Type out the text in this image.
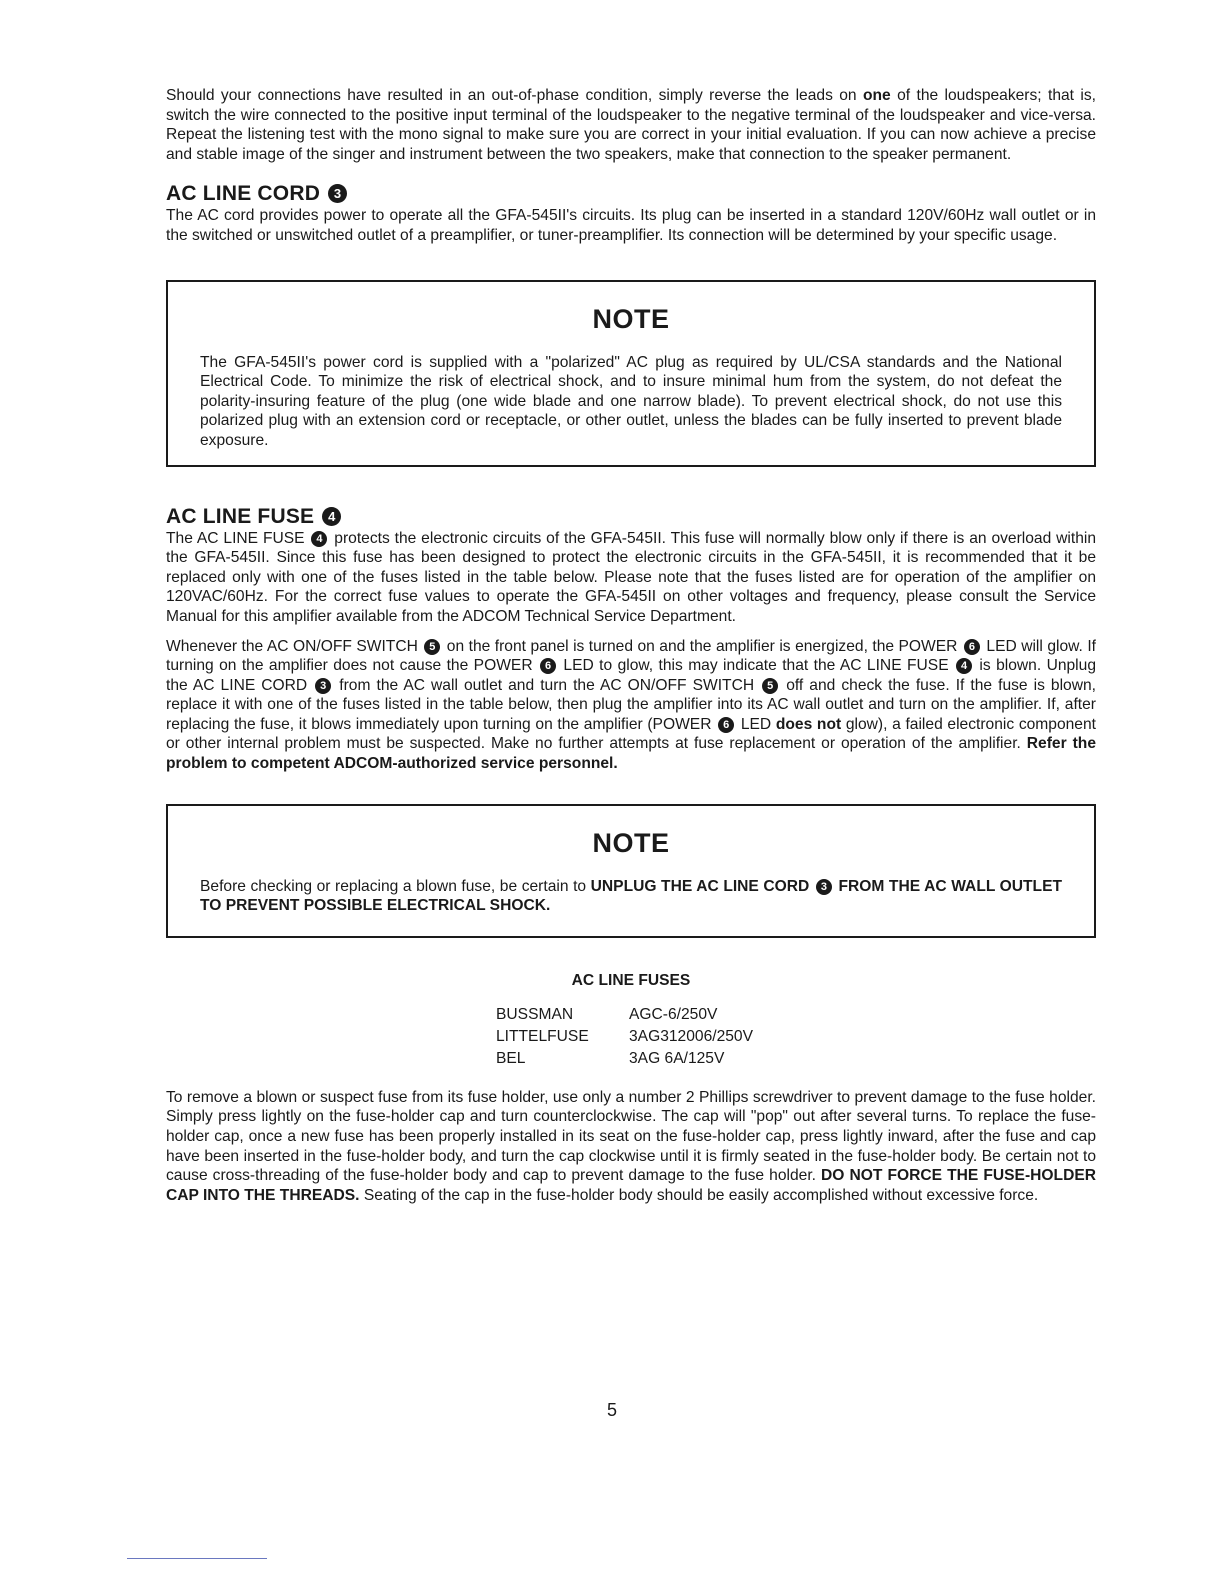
Should your connections have resulted in an out-of-phase condition, simply reverse the leads on one of the loudspeakers; that is, switch the wire connected to the positive input terminal of the loudspeaker to the negative terminal of the loudspeaker and vice-versa. Repeat the listening test with the mono signal to make sure you are correct in your initial evaluation. If you can now achieve a precise and stable image of the singer and instrument between the two speakers, make that connection to the speaker permanent.

AC LINE CORD 3

The AC cord provides power to operate all the GFA-545II's circuits. Its plug can be inserted in a standard 120V/60Hz wall outlet or in the switched or unswitched outlet of a preamplifier, or tuner-preamplifier. Its connection will be determined by your specific usage.

NOTE

The GFA-545II's power cord is supplied with a "polarized" AC plug as required by UL/CSA standards and the National Electrical Code. To minimize the risk of electrical shock, and to insure minimal hum from the system, do not defeat the polarity-insuring feature of the plug (one wide blade and one narrow blade). To prevent electrical shock, do not use this polarized plug with an extension cord or receptacle, or other outlet, unless the blades can be fully inserted to prevent blade exposure.

AC LINE FUSE 4

The AC LINE FUSE 4 protects the electronic circuits of the GFA-545II. This fuse will normally blow only if there is an overload within the GFA-545II. Since this fuse has been designed to protect the electronic circuits in the GFA-545II, it is recommended that it be replaced only with one of the fuses listed in the table below. Please note that the fuses listed are for operation of the amplifier on 120VAC/60Hz. For the correct fuse values to operate the GFA-545II on other voltages and frequency, please consult the Service Manual for this amplifier available from the ADCOM Technical Service Department.

Whenever the AC ON/OFF SWITCH 5 on the front panel is turned on and the amplifier is energized, the POWER 6 LED will glow. If turning on the amplifier does not cause the POWER 6 LED to glow, this may indicate that the AC LINE FUSE 4 is blown. Unplug the AC LINE CORD 3 from the AC wall outlet and turn the AC ON/OFF SWITCH 5 off and check the fuse. If the fuse is blown, replace it with one of the fuses listed in the table below, then plug the amplifier into its AC wall outlet and turn on the amplifier. If, after replacing the fuse, it blows immediately upon turning on the amplifier (POWER 6 LED does not glow), a failed electronic component or other internal problem must be suspected. Make no further attempts at fuse replacement or operation of the amplifier. Refer the problem to competent ADCOM-authorized service personnel.

NOTE

Before checking or replacing a blown fuse, be certain to UNPLUG THE AC LINE CORD 3 FROM THE AC WALL OUTLET TO PREVENT POSSIBLE ELECTRICAL SHOCK.

AC LINE FUSES
BUSSMAN	AGC-6/250V
LITTELFUSE	3AG312006/250V
BEL	3AG 6A/125V

To remove a blown or suspect fuse from its fuse holder, use only a number 2 Phillips screwdriver to prevent damage to the fuse holder. Simply press lightly on the fuse-holder cap and turn counterclockwise. The cap will "pop" out after several turns. To replace the fuse-holder cap, once a new fuse has been properly installed in its seat on the fuse-holder cap, press lightly inward, after the fuse and cap have been inserted in the fuse-holder body, and turn the cap clockwise until it is firmly seated in the fuse-holder body. Be certain not to cause cross-threading of the fuse-holder body and cap to prevent damage to the fuse holder. DO NOT FORCE THE FUSE-HOLDER CAP INTO THE THREADS. Seating of the cap in the fuse-holder body should be easily accomplished without excessive force.

5
